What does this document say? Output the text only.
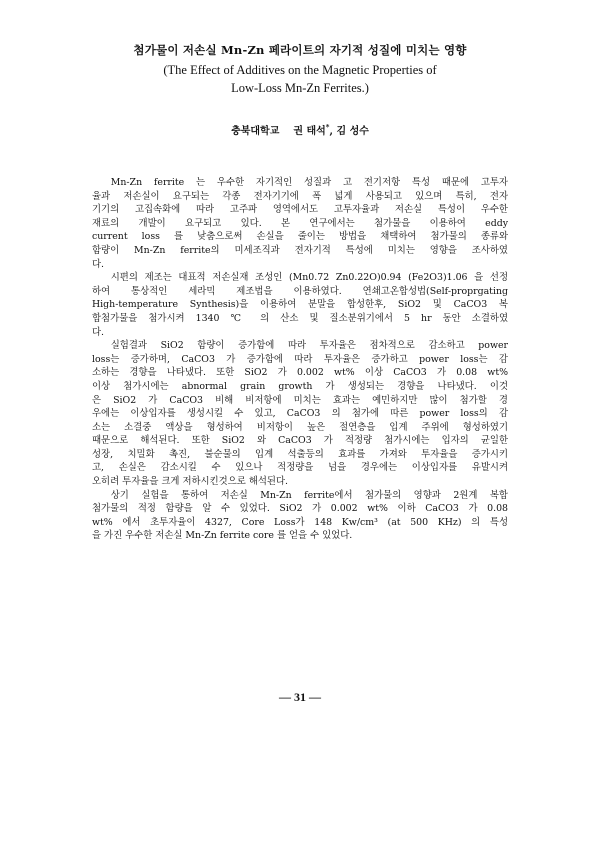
첨가물이 저손실 Mn-Zn 페라이트의 자기적 성질에 미치는 영향
(The Effect of Additives on the Magnetic Properties of
Low-Loss Mn-Zn Ferrites.)
충북대학교 권 태석*, 김 성수
  Mn-Zn ferrite 는 우수한 자기적인 성질과 고 전기저항 특성 때문에 고투자
율과 저손실이 요구되는 각종 전자기기에 폭 넓게 사용되고 있으며 특히, 전자
기기의 고집속화에 따라 고주파 영역에서도 고투자율과 저손실 특성이 우수한
재료의 개발이 요구되고 있다. 본 연구에서는 첨가물을 이용하여 eddy
current loss 를 낮춤으로써 손실을 줄이는 방법을 채택하여 첨가물의 종류와
함량이 Mn-Zn ferrite의 미세조직과 전자기적 특성에 미치는 영향을 조사하였
다.
  시편의 제조는 대표적 저손실재 조성인 (Mn0.72 Zn0.22O)0.94 (Fe2O3)1.06 을 선정
하여 통상적인 세라믹 제조법을 이용하였다. 연쇄고온합성법(Self-proprgating
High-temperature Synthesis)을 이용하여 분말을 합성한후, SiO2 및 CaCO3 복
합첨가물을 첨가시켜 1340 ℃ 의 산소 및 질소분위기에서 5 hr 동안 소결하였
다.
  실험결과 SiO2 함량이 증가함에 따라 투자율은 점차적으로 감소하고 power
loss는 증가하며, CaCO3 가 증가함에 따라 투자율은 증가하고 power loss는 감
소하는 경향을 나타냈다. 또한 SiO2 가 0.002 wt% 이상 CaCO3 가 0.08 wt%
이상 첨가시에는 abnormal grain growth 가 생성되는 경향을 나타냈다. 이것
은 SiO2 가 CaCO3 비해 비저항에 미치는 효과는 예민하지만 많이 첨가할 경
우에는 이상입자를 생성시킬 수 있고, CaCO3 의 첨가에 따른 power loss의 감
소는 소결중 액상을 형성하여 비저항이 높은 절연층을 입계 주위에 형성하였기
때문으로 해석된다. 또한 SiO2 와 CaCO3 가 적정량 첨가시에는 입자의 균일한
성장, 치밀화 촉진, 불순물의 입계 석출등의 효과를 가져와 투자율을 증가시키
고, 손실은 감소시킬 수 있으나 적정량을 넘을 경우에는 이상입자를 유발시켜
오히려 투자율을 크게 저하시킨것으로 해석된다.
  상기 실험을 통하여 저손실 Mn-Zn ferrite에서 첨가물의 영향과 2원계 복합
첨가물의 적정 함량을 알 수 있었다. SiO2 가 0.002 wt% 이하 CaCO3 가 0.08
wt% 에서 초투자율이 4327, Core Loss가 148 Kw/cm³ (at 500 KHz) 의 특성
을 가진 우수한 저손실 Mn-Zn ferrite core 를 얻을 수 있었다.
— 31 —
